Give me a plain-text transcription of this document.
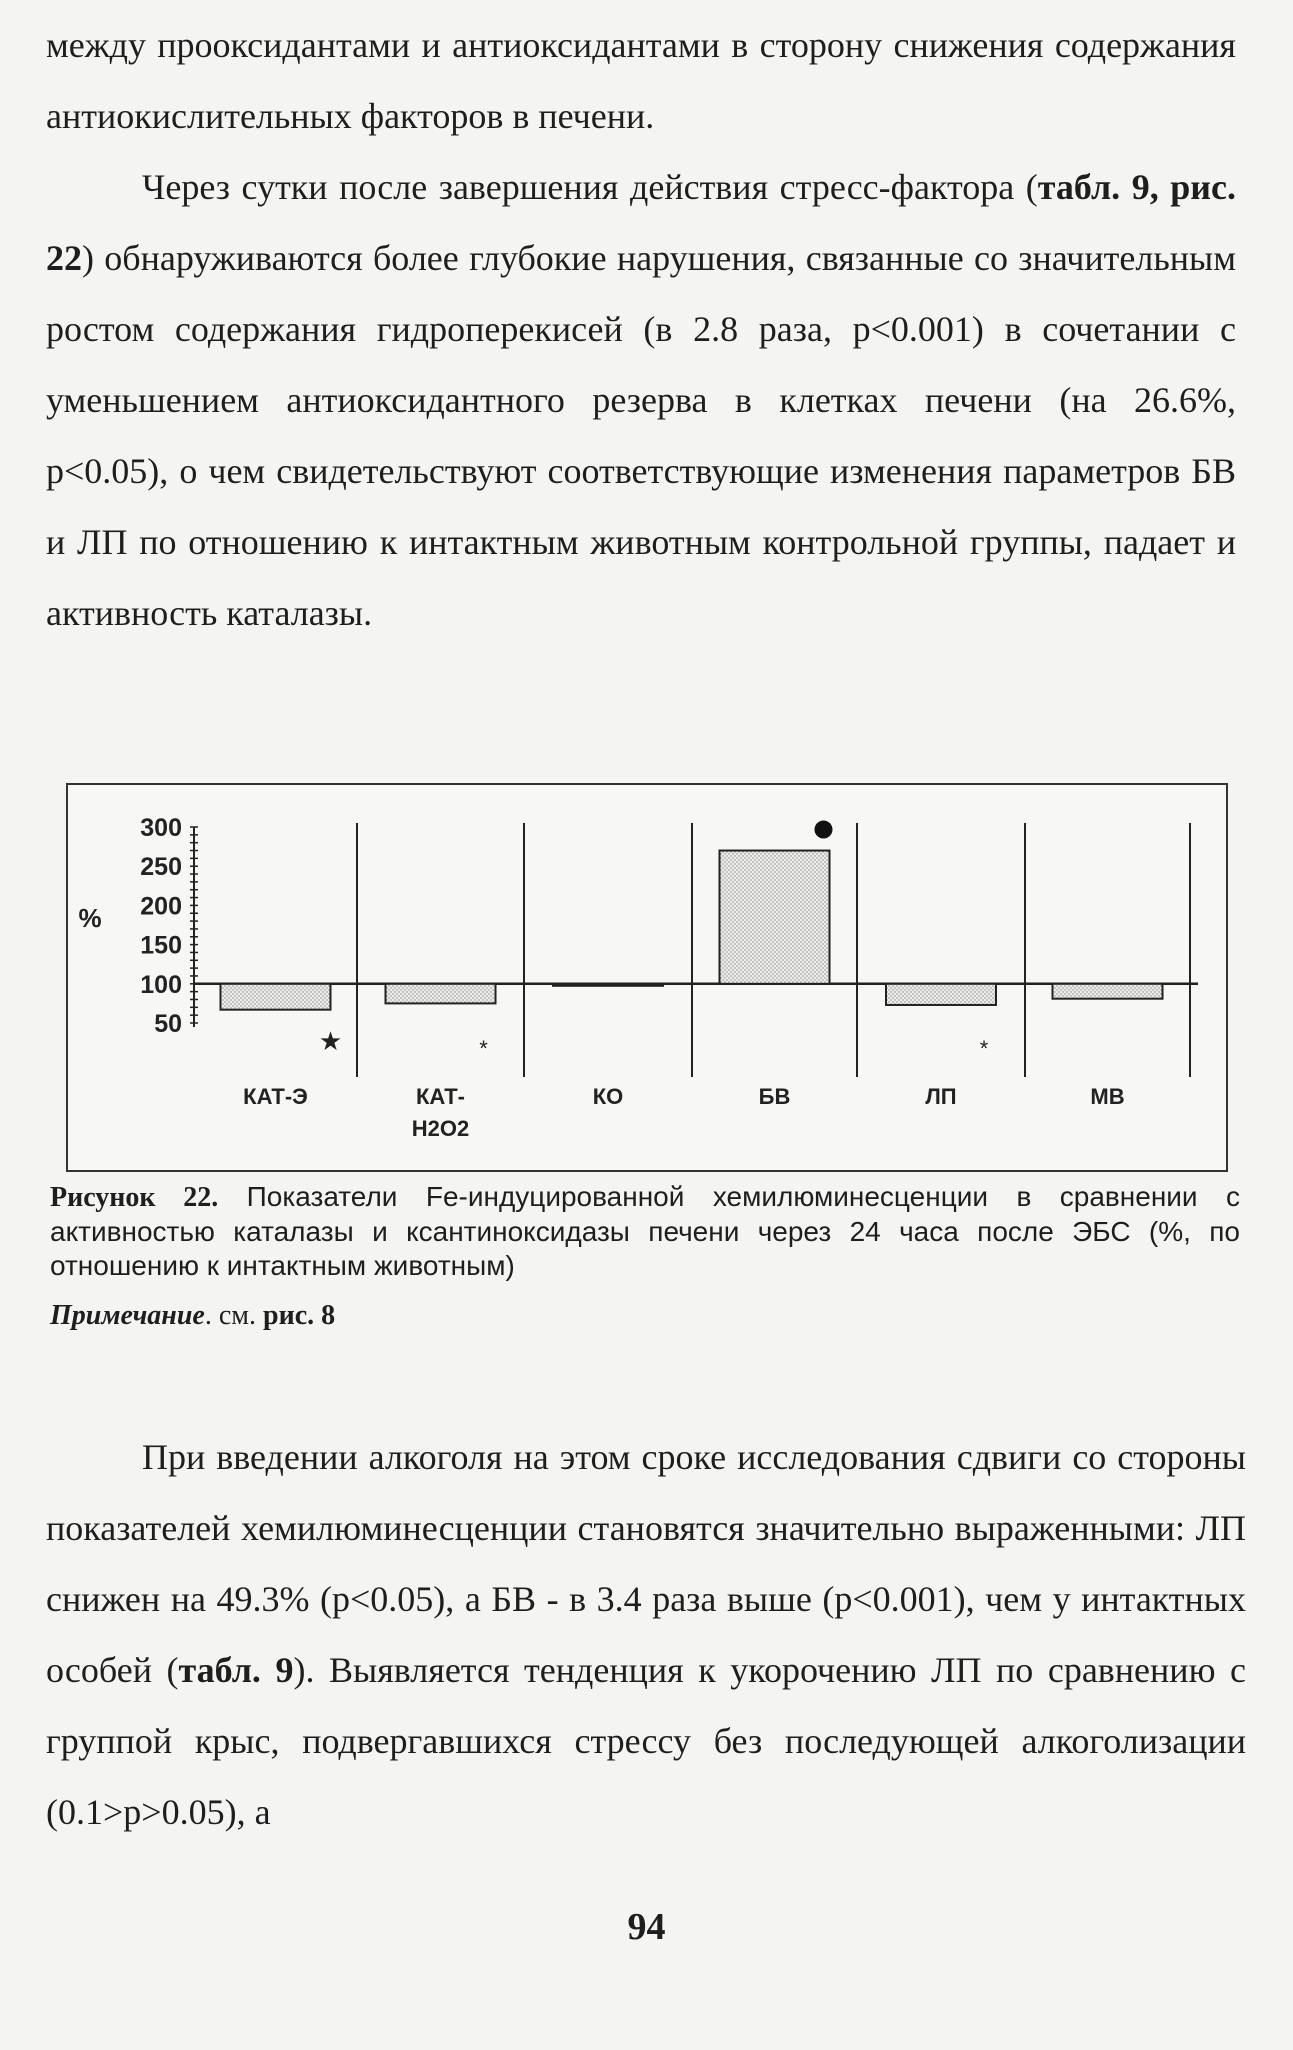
между прооксидантами и антиоксидантами в сторону снижения содержания антиокислительных факторов в печени.

Через сутки после завершения действия стресс-фактора (табл. 9, рис. 22) обнаруживаются более глубокие нарушения, связанные со значительным ростом содержания гидроперекисей (в 2.8 раза, p<0.001) в сочетании с уменьшением антиоксидантного резерва в клетках печени (на 26.6%, p<0.05), о чем свидетельствуют соответствующие изменения параметров БВ и ЛП по отношению к интактным животным контрольной группы, падает и активность каталазы.

300
250
200
150
100
50
%
КАТ-Э
★
КАТ-
Н2О2
*
КО	БВ	ЛП
*
МВ

Рисунок 22. Показатели Fe-индуцированной хемилюминесценции в сравнении с активностью каталазы и ксантиноксидазы печени через 24 часа после ЭБС (%, по отношению к интактным животным)

Примечание. см. рис. 8

При введении алкоголя на этом сроке исследования сдвиги со стороны показателей хемилюминесценции становятся значительно выраженными: ЛП снижен на 49.3% (p<0.05), а БВ - в 3.4 раза выше (p<0.001), чем у интактных особей (табл. 9). Выявляется тенденция к укорочению ЛП по сравнению с группой крыс, подвергавшихся стрессу без последующей алкоголизации (0.1>p>0.05), а

94
